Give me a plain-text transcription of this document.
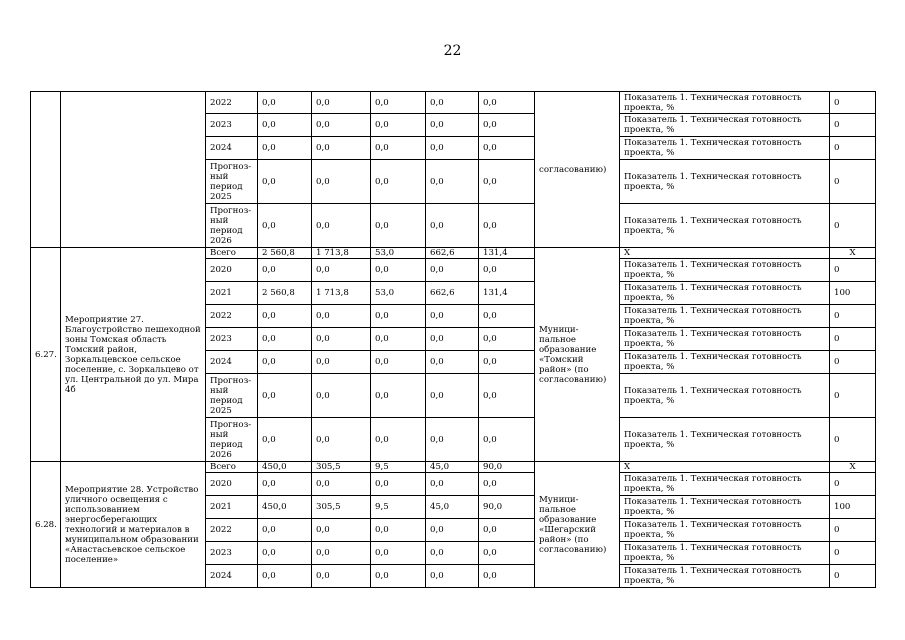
22
		2022	0,0	0,0	0,0	0,0	0,0	согласованию)	Показатель 1. Техническая готовность проекта, %	0
		2023	0,0	0,0	0,0	0,0	0,0		Показатель 1. Техническая готовность проекта, %	0
		2024	0,0	0,0	0,0	0,0	0,0		Показатель 1. Техническая готовность проекта, %	0
		Прогноз-ный период 2025	0,0	0,0	0,0	0,0	0,0		Показатель 1. Техническая готовность проекта, %	0
		Прогноз-ный период 2026	0,0	0,0	0,0	0,0	0,0		Показатель 1. Техническая готовность проекта, %	0
6.27.	Мероприятие 27. Благоустройство пешеходной зоны Томская область Томский район, Зоркальцевское сельское поселение, с. Зоркальцево от ул. Центральной до ул. Мира 4б	Всего	2 560,8	1 713,8	53,0	662,6	131,4	Муници-пальное образование «Томский район» (по согласованию)	X	X
		2020	0,0	0,0	0,0	0,0	0,0		Показатель 1. Техническая готовность проекта, %	0
		2021	2 560,8	1 713,8	53,0	662,6	131,4		Показатель 1. Техническая готовность проекта, %	100
		2022	0,0	0,0	0,0	0,0	0,0		Показатель 1. Техническая готовность проекта, %	0
		2023	0,0	0,0	0,0	0,0	0,0		Показатель 1. Техническая готовность проекта, %	0
		2024	0,0	0,0	0,0	0,0	0,0		Показатель 1. Техническая готовность проекта, %	0
		Прогноз-ный период 2025	0,0	0,0	0,0	0,0	0,0		Показатель 1. Техническая готовность проекта, %	0
		Прогноз-ный период 2026	0,0	0,0	0,0	0,0	0,0		Показатель 1. Техническая готовность проекта, %	0
6.28.	Мероприятие 28. Устройство уличного освещения с использованием энергосберегающих технологий и материалов в муниципальном образовании «Анастасьевское сельское поселение»	Всего	450,0	305,5	9,5	45,0	90,0	Муници-пальное образование «Шегарский район» (по согласованию)	X	X
		2020	0,0	0,0	0,0	0,0	0,0		Показатель 1. Техническая готовность проекта, %	0
		2021	450,0	305,5	9,5	45,0	90,0		Показатель 1. Техническая готовность проекта, %	100
		2022	0,0	0,0	0,0	0,0	0,0		Показатель 1. Техническая готовность проекта, %	0
		2023	0,0	0,0	0,0	0,0	0,0		Показатель 1. Техническая готовность проекта, %	0
		2024	0,0	0,0	0,0	0,0	0,0		Показатель 1. Техническая готовность проекта, %	0
